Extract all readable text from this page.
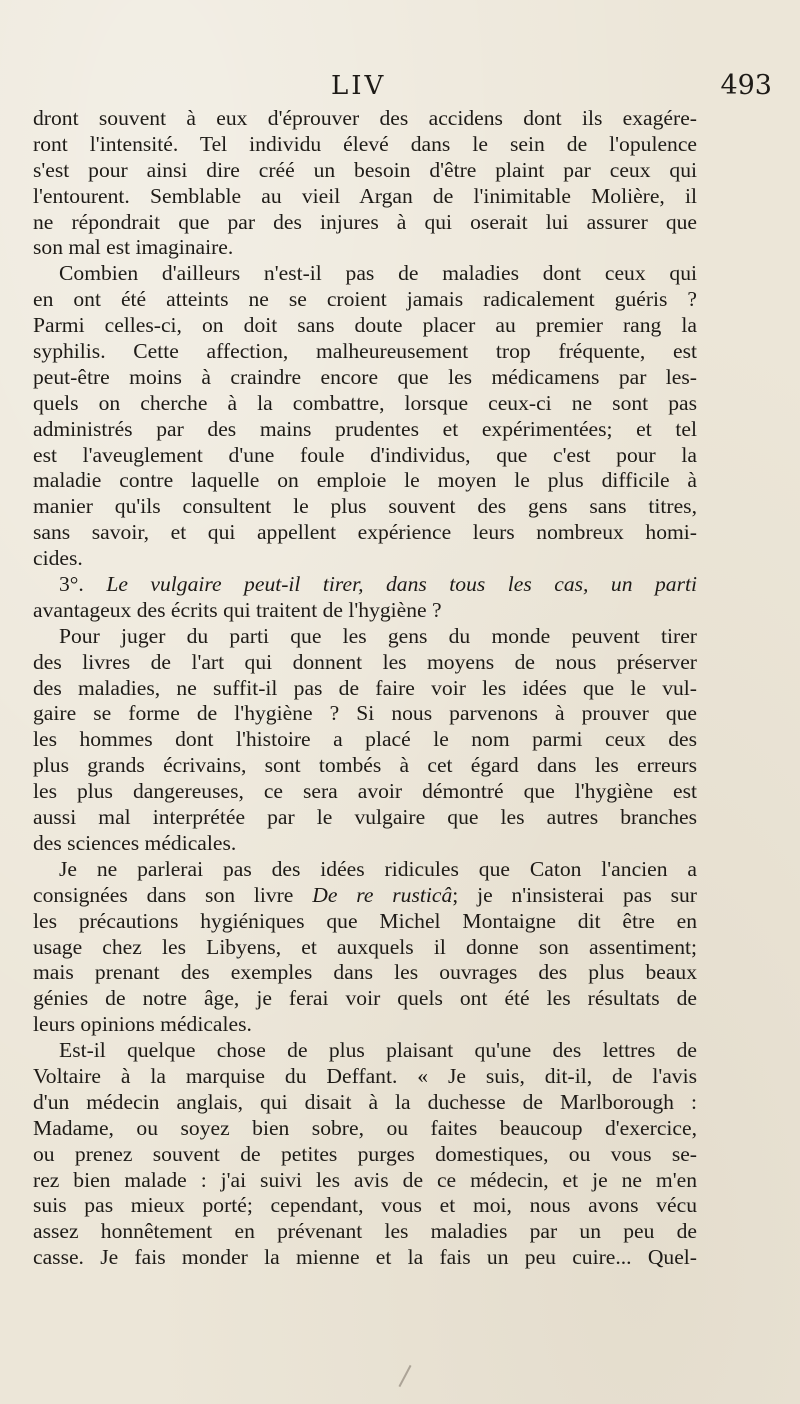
LIV	493
dront souvent à eux d'éprouver des accidens dont ils exagére-
ront l'intensité. Tel individu élevé dans le sein de l'opulence
s'est pour ainsi dire créé un besoin d'être plaint par ceux qui
l'entourent. Semblable au vieil Argan de l'inimitable Molière, il
ne répondrait que par des injures à qui oserait lui assurer que
son mal est imaginaire.
Combien d'ailleurs n'est-il pas de maladies dont ceux qui
en ont été atteints ne se croient jamais radicalement guéris ?
Parmi celles-ci, on doit sans doute placer au premier rang la
syphilis. Cette affection, malheureusement trop fréquente, est
peut-être moins à craindre encore que les médicamens par les-
quels on cherche à la combattre, lorsque ceux-ci ne sont pas
administrés par des mains prudentes et expérimentées; et tel
est l'aveuglement d'une foule d'individus, que c'est pour la
maladie contre laquelle on emploie le moyen le plus difficile à
manier qu'ils consultent le plus souvent des gens sans titres,
sans savoir, et qui appellent expérience leurs nombreux homi-
cides.
3°. Le vulgaire peut-il tirer, dans tous les cas, un parti
avantageux des écrits qui traitent de l'hygiène ?
Pour juger du parti que les gens du monde peuvent tirer
des livres de l'art qui donnent les moyens de nous préserver
des maladies, ne suffit-il pas de faire voir les idées que le vul-
gaire se forme de l'hygiène ? Si nous parvenons à prouver que
les hommes dont l'histoire a placé le nom parmi ceux des
plus grands écrivains, sont tombés à cet égard dans les erreurs
les plus dangereuses, ce sera avoir démontré que l'hygiène est
aussi mal interprétée par le vulgaire que les autres branches
des sciences médicales.
Je ne parlerai pas des idées ridicules que Caton l'ancien a
consignées dans son livre De re rusticâ; je n'insisterai pas sur
les précautions hygiéniques que Michel Montaigne dit être en
usage chez les Libyens, et auxquels il donne son assentiment;
mais prenant des exemples dans les ouvrages des plus beaux
génies de notre âge, je ferai voir quels ont été les résultats de
leurs opinions médicales.
Est-il quelque chose de plus plaisant qu'une des lettres de
Voltaire à la marquise du Deffant. « Je suis, dit-il, de l'avis
d'un médecin anglais, qui disait à la duchesse de Marlborough :
Madame, ou soyez bien sobre, ou faites beaucoup d'exercice,
ou prenez souvent de petites purges domestiques, ou vous se-
rez bien malade : j'ai suivi les avis de ce médecin, et je ne m'en
suis pas mieux porté; cependant, vous et moi, nous avons vécu
assez honnêtement en prévenant les maladies par un peu de
casse. Je fais monder la mienne et la fais un peu cuire... Quel-
